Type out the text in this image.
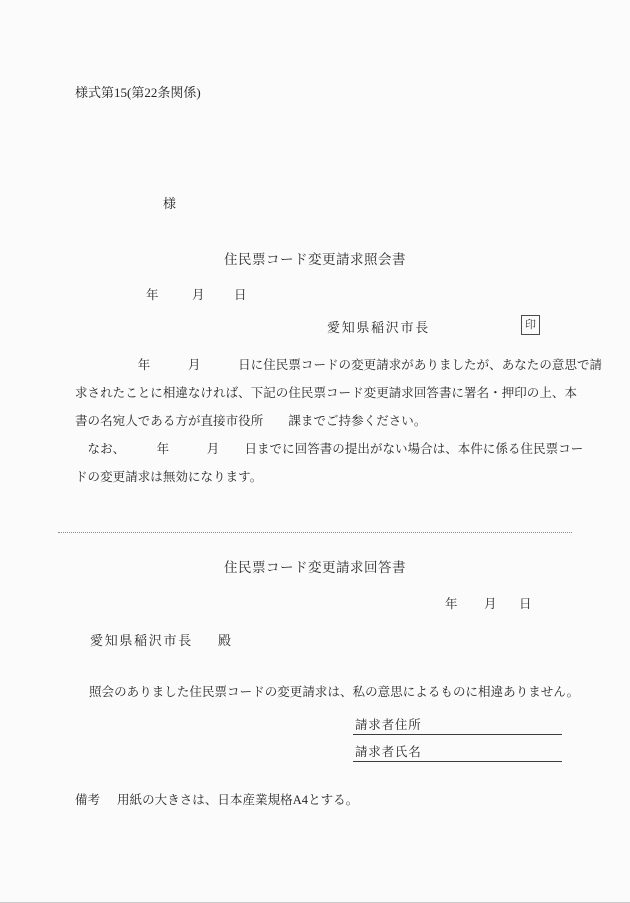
様式第15(第22条関係)
様
住民票コード変更請求照会書
年	月 日
愛知県稲沢市長	印
　　　　　年　　　月　　　日に住民票コードの変更請求がありましたが、あなたの意思で請
求されたことに相違なければ、下記の住民票コード変更請求回答書に署名・押印の上、本
書の名宛人である方が直接市役所　　課までご持参ください。
　なお、　　　年　　　月　　日までに回答書の提出がない場合は、本件に係る住民票コー
ドの変更請求は無効になります。
住民票コード変更請求回答書
年 月 日
愛知県稲沢市長 殿
照会のありました住民票コードの変更請求は、私の意思によるものに相違ありません。
請求者住所
請求者氏名
備考 用紙の大きさは、日本産業規格A4とする。
